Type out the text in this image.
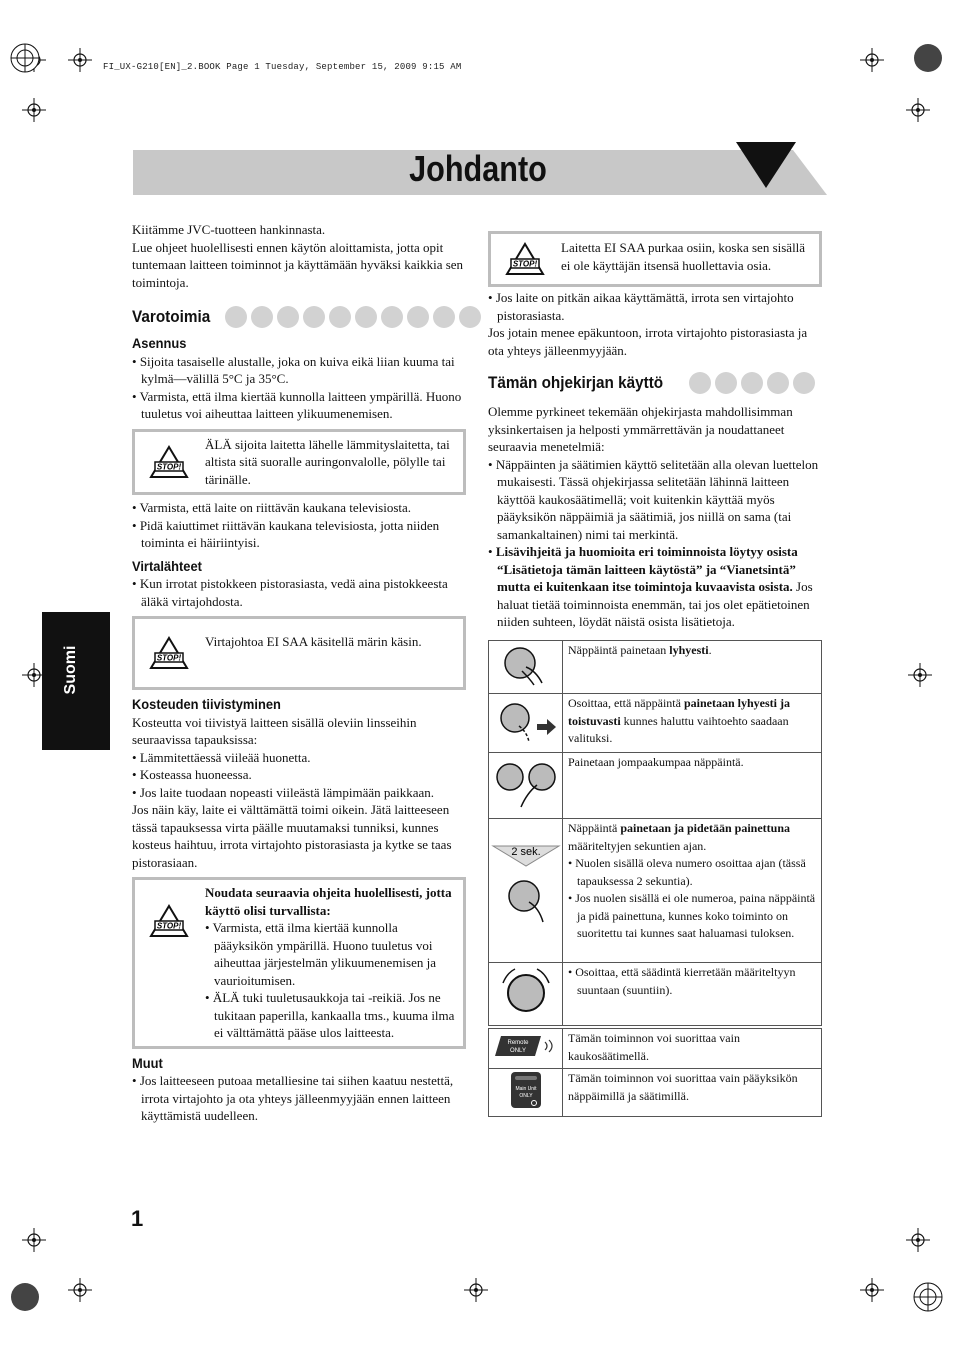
FI_UX-G210[EN]_2.BOOK Page 1 Tuesday, September 15, 2009 9:15 AM
Johdanto
Suomi

Kiitämme JVC-tuotteen hankinnasta.

Lue ohjeet huolellisesti ennen käytön aloittamista, jotta opit tuntemaan laitteen toiminnot ja käyttämään hyväksi kaikkia sen toimintoja.

Varotoimia
Asennus

• Sijoita tasaiselle alustalle, joka on kuiva eikä liian kuuma tai kylmä—välillä 5°C ja 35°C.

• Varmista, että ilma kiertää kunnolla laitteen ympärillä. Huono tuuletus voi aiheuttaa laitteen ylikuumenemisen.

STOP!
ÄLÄ sijoita laitetta lähelle lämmityslaitetta, tai altista sitä suoralle auringonvalolle, pölylle tai tärinälle.

• Varmista, että laite on riittävän kaukana televisiosta.

• Pidä kaiuttimet riittävän kaukana televisiosta, jotta niiden toiminta ei häiriintyisi.

Virtalähteet

• Kun irrotat pistokkeen pistorasiasta, vedä aina pistokkeesta äläkä virtajohdosta.

STOP!
Virtajohtoa EI SAA käsitellä märin käsin.
Kosteuden tiivistyminen

Kosteutta voi tiivistyä laitteen sisällä oleviin linsseihin seuraavissa tapauksissa:

• Lämmitettäessä viileää huonetta.

• Kosteassa huoneessa.

• Jos laite tuodaan nopeasti viileästä lämpimään paikkaan.

Jos näin käy, laite ei välttämättä toimi oikein. Jätä laitteeseen tässä tapauksessa virta päälle muutamaksi tunniksi, kunnes kosteus haihtuu, irrota virtajohto pistorasiasta ja kytke se taas pistorasiaan.

STOP!
Noudata seuraavia ohjeita huolellisesti, jotta käyttö olisi turvallista:

• Varmista, että ilma kiertää kunnolla pääyksikön ympärillä. Huono tuuletus voi aiheuttaa järjestelmän ylikuumenemisen ja vaurioitumisen.

• ÄLÄ tuki tuuletusaukkoja tai -reikiä. Jos ne tukitaan paperilla, kankaalla tms., kuuma ilma ei välttämättä pääse ulos laitteesta.

Muut

• Jos laitteeseen putoaa metalliesine tai siihen kaatuu nestettä, irrota virtajohto ja ota yhteys jälleenmyyjään ennen laitteen käyttämistä uudelleen.

STOP!
Laitetta EI SAA purkaa osiin, koska sen sisällä ei ole käyttäjän itsensä huollettavia osia.

• Jos laite on pitkän aikaa käyttämättä, irrota sen virtajohto pistorasiasta.

Jos jotain menee epäkuntoon, irrota virtajohto pistorasiasta ja ota yhteys jälleenmyyjään.

Tämän ohjekirjan käyttö

Olemme pyrkineet tekemään ohjekirjasta mahdollisimman yksinkertaisen ja helposti ymmärrettävän ja noudattaneet seuraavia menetelmiä:

• Näppäinten ja säätimien käyttö selitetään alla olevan luettelon mukaisesti. Tässä ohjekirjassa selitetään lähinnä laitteen käyttöä kaukosäätimellä; voit kuitenkin käyttää myös pääyksikön näppäimiä ja säätimiä, jos niillä on sama (tai samankaltainen) nimi tai merkintä.

• Lisävihjeitä ja huomioita eri toiminnoista löytyy osista “Lisätietoja tämän laitteen käytöstä” ja “Vianetsintä” mutta ei kuitenkaan itse toimintoja kuvaavista osista. Jos haluat tietää toiminnoista enemmän, tai jos olet epätietoinen niiden suhteen, löydät näistä osista lisätietoja.

	Näppäintä painetaan lyhyesti.
	Osoittaa, että näppäintä painetaan lyhyesti ja toistuvasti kunnes haluttu vaihtoehto saadaan valituksi.
	Painetaan jompaakumpaa näppäintä.

2 sek.	Näppäintä painetaan ja pidetään painettuna määriteltyjen sekuntien ajan.

• Nuolen sisällä oleva numero osoittaa ajan (tässä tapauksessa 2 sekuntia).

• Jos nuolen sisällä ei ole numeroa, paina näppäintä ja pidä painettuna, kunnes koko toiminto on suoritettu tai kunnes saat haluamasi tuloksen.

• Osoittaa, että säädintä kierretään määriteltyyn suuntaan (suuntiin).

Remote
ONLY	Tämän toiminnon voi suorittaa vain kaukosäätimellä.

Main Unit
ONLY	Tämän toiminnon voi suorittaa vain pääyksikön näppäimillä ja säätimillä.
1
